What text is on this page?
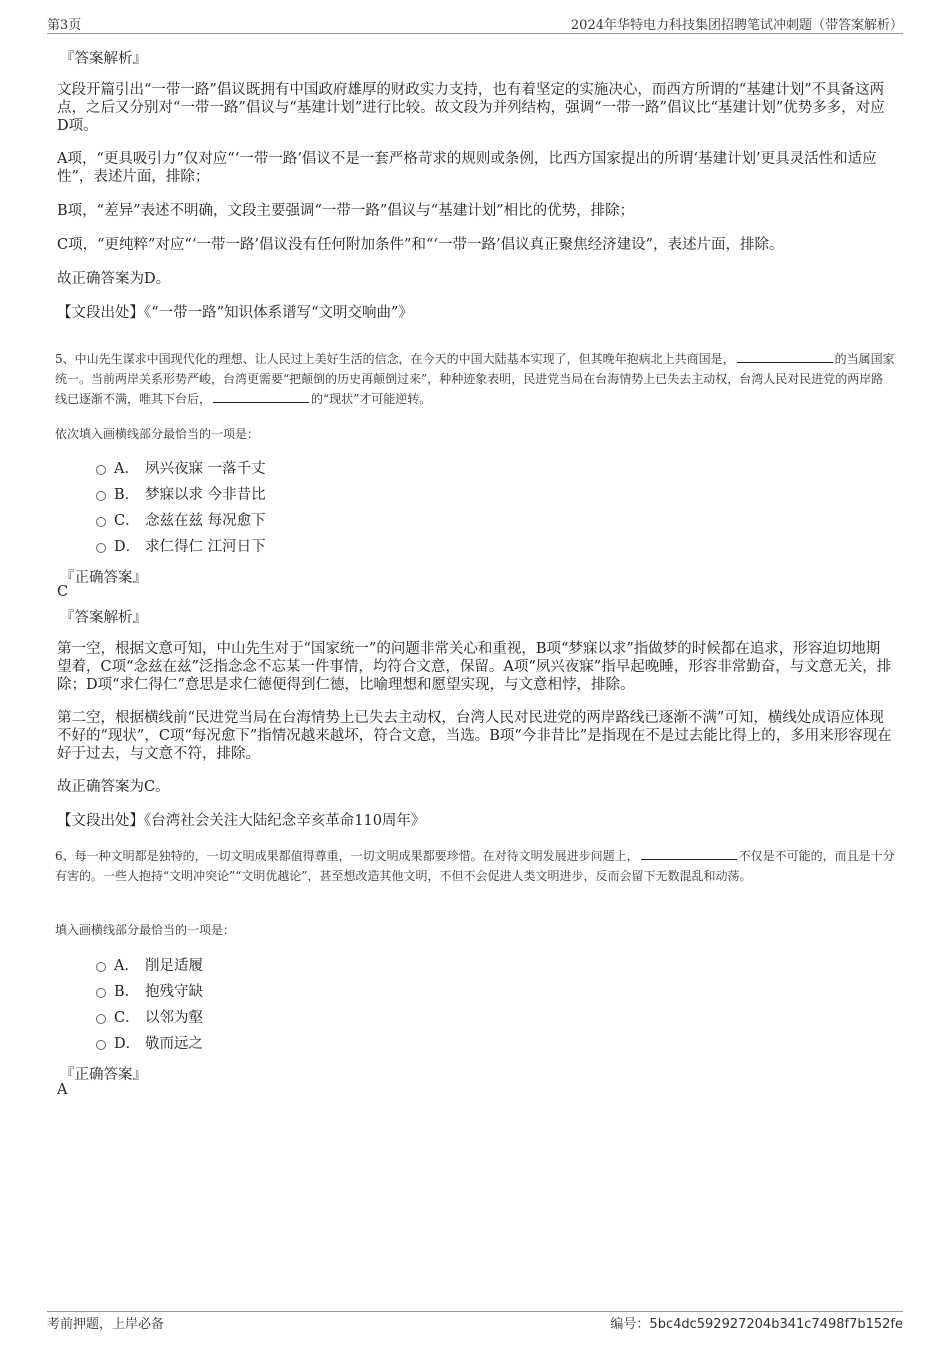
第3页	2024年华特电力科技集团招聘笔试冲刺题（带答案解析）
『答案解析』

文段开篇引出“一带一路”倡议既拥有中国政府雄厚的财政实力支持，也有着坚定的实施决心，而西方所谓的“基建计划”不具备这两点，之后又分别对“一带一路”倡议与“基建计划”进行比较。故文段为并列结构，强调“一带一路”倡议比“基建计划”优势多多，对应D项。

A项，“更具吸引力”仅对应“‘一带一路’倡议不是一套严格苛求的规则或条例，比西方国家提出的所谓‘基建计划’更具灵活性和适应性”，表述片面，排除；

B项，“差异”表述不明确，文段主要强调“一带一路”倡议与“基建计划”相比的优势，排除；

C项，“更纯粹”对应“‘一带一路’倡议没有任何附加条件”和“‘一带一路’倡议真正聚焦经济建设”，表述片面，排除。

故正确答案为D。

【文段出处】《“一带一路”知识体系谱写“文明交响曲”》

5、中山先生谋求中国现代化的理想、让人民过上美好生活的信念，在今天的中国大陆基本实现了，但其晚年抱病北上共商国是，	的当属国家统一。当前两岸关系形势严峻，台湾更需要“把颠倒的历史再颠倒过来”，种种迹象表明，民进党当局在台海情势上已失去主动权，台湾人民对民进党的两岸路线已逐渐不满，唯其下台后，	的“现状”才可能逆转。

依次填入画横线部分最恰当的一项是：

A． 夙兴夜寐 一落千丈
B． 梦寐以求 今非昔比
C． 念兹在兹 每况愈下
D． 求仁得仁 江河日下
『正确答案』
C
『答案解析』

第一空，根据文意可知，中山先生对于“国家统一”的问题非常关心和重视，B项“梦寐以求”指做梦的时候都在追求，形容迫切地期望着，C项“念兹在兹”泛指念念不忘某一件事情，均符合文意，保留。A项“夙兴夜寐”指早起晚睡，形容非常勤奋，与文意无关，排除；D项“求仁得仁”意思是求仁德便得到仁德，比喻理想和愿望实现，与文意相悖，排除。

第二空，根据横线前“民进党当局在台海情势上已失去主动权，台湾人民对民进党的两岸路线已逐渐不满”可知，横线处成语应体现不好的“现状”，C项“每况愈下”指情况越来越坏，符合文意，当选。B项“今非昔比”是指现在不是过去能比得上的，多用来形容现在好于过去，与文意不符，排除。

故正确答案为C。

【文段出处】《台湾社会关注大陆纪念辛亥革命110周年》

6、每一种文明都是独特的，一切文明成果都值得尊重，一切文明成果都要珍惜。在对待文明发展进步问题上，	不仅是不可能的，而且是十分有害的。一些人抱持“文明冲突论”“文明优越论”，甚至想改造其他文明，不但不会促进人类文明进步，反而会留下无数混乱和动荡。

填入画横线部分最恰当的一项是：

A． 削足适履
B． 抱残守缺
C． 以邻为壑
D． 敬而远之
『正确答案』
A
考前押题，上岸必备	编号：5bc4dc592927204b341c7498f7b152fe
